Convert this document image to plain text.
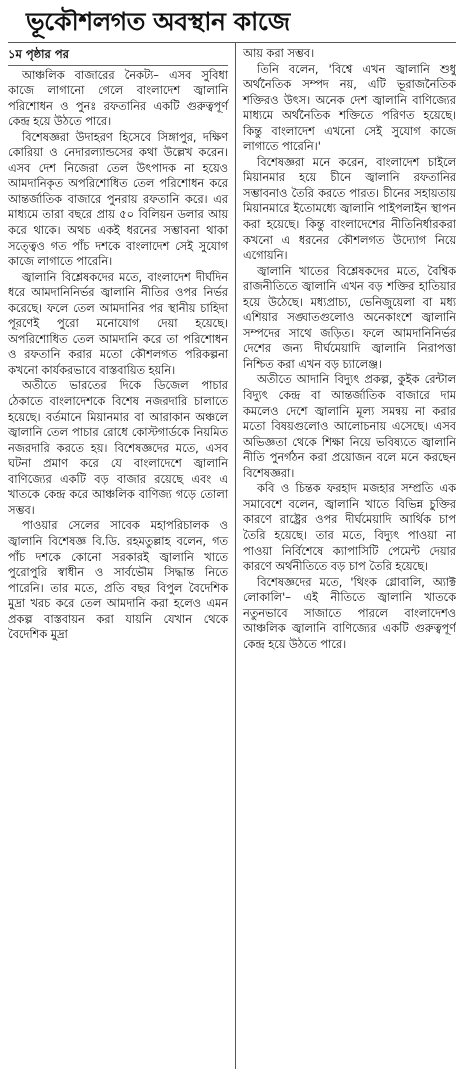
ভূকৌশলগত অবস্থান কাজে
১ম পৃষ্ঠার পর

আঞ্চলিক বাজারের নৈকট্য– এসব সুবিধা কাজে লাগানো গেলে বাংলাদেশ জ্বালানি পরিশোধন ও পুনঃ রফতানির একটি গুরুত্বপূর্ণ কেন্দ্র হয়ে উঠতে পারে।

বিশেষজ্ঞরা উদাহরণ হিসেবে সিঙ্গাপুর, দক্ষিণ কোরিয়া ও নেদারল্যান্ডসের কথা উল্লেখ করেন। এসব দেশ নিজেরা তেল উৎপাদক না হয়েও আমদানিকৃত অপরিশোধিত তেল পরিশোধন করে আন্তর্জাতিক বাজারে পুনরায় রফতানি করে। এর মাধ্যমে তারা বছরে প্রায় ৫০ বিলিয়ন ডলার আয় করে থাকে। অথচ একই ধরনের সম্ভাবনা থাকা সত্ত্বেও গত পাঁচ দশকে বাংলাদেশ সেই সুযোগ কাজে লাগাতে পারেনি।

জ্বালানি বিশ্লেষকদের মতে, বাংলাদেশ দীর্ঘদিন ধরে আমদানিনির্ভর জ্বালানি নীতির ওপর নির্ভর করেছে। ফলে তেল আমদানির পর স্থানীয় চাহিদা পূরণেই পুরো মনোযোগ দেয়া হয়েছে। অপরিশোধিত তেল আমদানি করে তা পরিশোধন ও রফতানি করার মতো কৌশলগত পরিকল্পনা কখনো কার্যকরভাবে বাস্তবায়িত হয়নি।

অতীতে ভারতের দিকে ডিজেল পাচার ঠেকাতে বাংলাদেশকে বিশেষ নজরদারি চালাতে হয়েছে। বর্তমানে মিয়ানমার বা আরাকান অঞ্চলে জ্বালানি তেল পাচার রোধে কোস্টগার্ডকে নিয়মিত নজরদারি করতে হয়। বিশেষজ্ঞদের মতে, এসব ঘটনা প্রমাণ করে যে বাংলাদেশে জ্বালানি বাণিজ্যের একটি বড় বাজার রয়েছে এবং এ খাতকে কেন্দ্র করে আঞ্চলিক বাণিজ্য গড়ে তোলা সম্ভব।

পাওয়ার সেলের সাবেক মহাপরিচালক ও জ্বালানি বিশেষজ্ঞ বি.ডি. রহমতুল্লাহ বলেন, গত পাঁচ দশকে কোনো সরকারই জ্বালানি খাতে পুরোপুরি স্বাধীন ও সার্বভৌম সিদ্ধান্ত নিতে পারেনি। তার মতে, প্রতি বছর বিপুল বৈদেশিক মুদ্রা খরচ করে তেল আমদানি করা হলেও এমন প্রকল্প বাস্তবায়ন করা যায়নি যেখান থেকে বৈদেশিক মুদ্রা

আয় করা সম্ভব।

তিনি বলেন, 'বিশ্বে এখন জ্বালানি শুধু অর্থনৈতিক সম্পদ নয়, এটি ভূরাজনৈতিক শক্তিরও উৎস। অনেক দেশ জ্বালানি বাণিজ্যের মাধ্যমে অর্থনৈতিক শক্তিতে পরিণত হয়েছে। কিন্তু বাংলাদেশ এখনো সেই সুযোগ কাজে লাগাতে পারেনি।'

বিশেষজ্ঞরা মনে করেন, বাংলাদেশ চাইলে মিয়ানমার হয়ে চীনে জ্বালানি রফতানির সম্ভাবনাও তৈরি করতে পারত। চীনের সহায়তায় মিয়ানমারে ইতোমধ্যে জ্বালানি পাইপলাইন স্থাপন করা হয়েছে। কিন্তু বাংলাদেশের নীতিনির্ধারকরা কখনো এ ধরনের কৌশলগত উদ্যোগ নিয়ে এগোয়নি।

জ্বালানি খাতের বিশ্লেষকদের মতে, বৈশ্বিক রাজনীতিতে জ্বালানি এখন বড় শক্তির হাতিয়ার হয়ে উঠেছে। মধ্যপ্রাচ্য, ভেনিজুয়েলা বা মধ্য এশিয়ার সঙ্ঘাতগুলোও অনেকাংশে জ্বালানি সম্পদের সাথে জড়িত। ফলে আমদানিনির্ভর দেশের জন্য দীর্ঘমেয়াদি জ্বালানি নিরাপত্তা নিশ্চিত করা এখন বড় চ্যালেঞ্জ।

অতীতে আদানি বিদ্যুৎ প্রকল্প, কুইক রেন্টাল বিদ্যুৎ কেন্দ্র বা আন্তর্জাতিক বাজারে দাম কমলেও দেশে জ্বালানি মূল্য সমন্বয় না করার মতো বিষয়গুলোও আলোচনায় এসেছে। এসব অভিজ্ঞতা থেকে শিক্ষা নিয়ে ভবিষ্যতে জ্বালানি নীতি পুনর্গঠন করা প্রয়োজন বলে মনে করছেন বিশেষজ্ঞরা।

কবি ও চিন্তক ফরহাদ মজহার সম্প্রতি এক সমাবেশে বলেন, জ্বালানি খাতে বিভিন্ন চুক্তির কারণে রাষ্ট্রের ওপর দীর্ঘমেয়াদি আর্থিক চাপ তৈরি হয়েছে। তার মতে, বিদ্যুৎ পাওয়া না পাওয়া নির্বিশেষে ক্যাপাসিটি পেমেন্ট দেয়ার কারণে অর্থনীতিতে বড় চাপ তৈরি হয়েছে।

বিশেষজ্ঞদের মতে, 'থিংক গ্লোবালি, অ্যাক্ট লোকালি'– এই নীতিতে জ্বালানি খাতকে নতুনভাবে সাজাতে পারলে বাংলাদেশও আঞ্চলিক জ্বালানি বাণিজ্যের একটি গুরুত্বপূর্ণ কেন্দ্র হয়ে উঠতে পারে।
